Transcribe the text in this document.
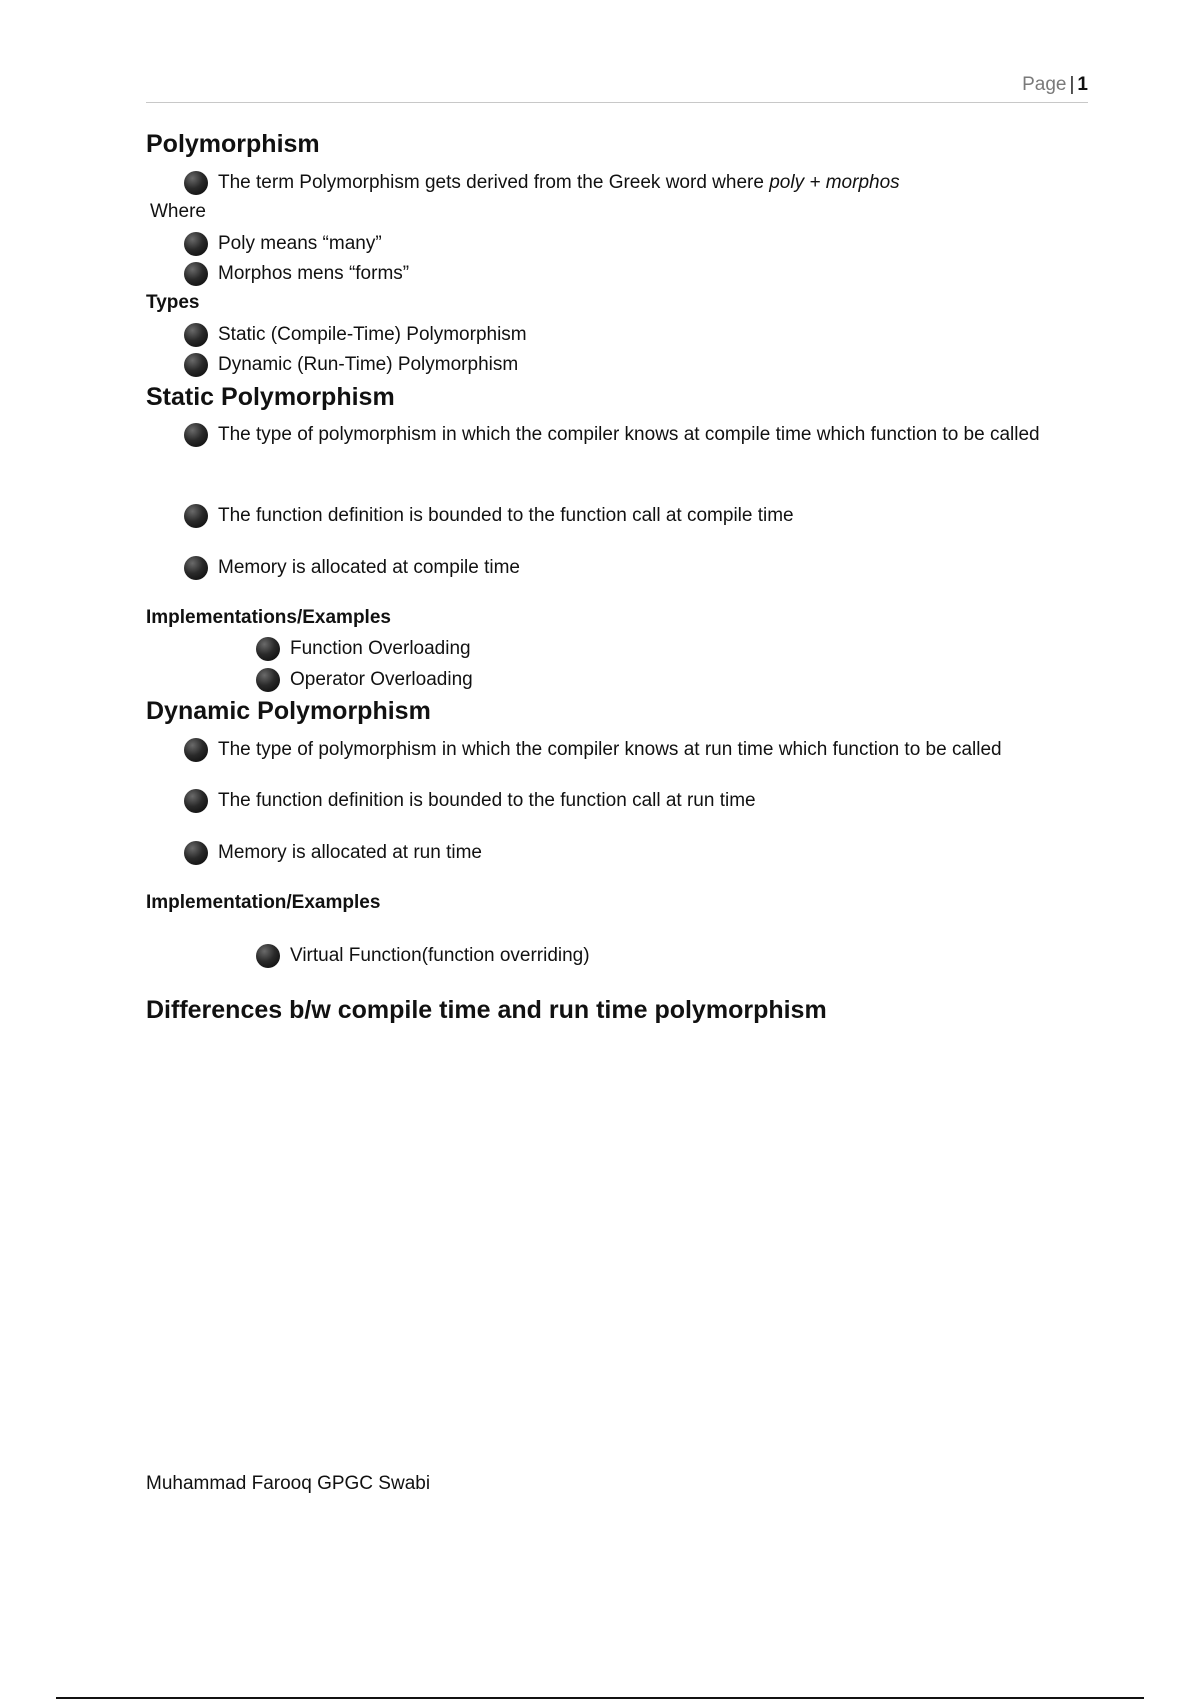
Page | 1
Polymorphism
The term Polymorphism gets derived from the Greek word where poly + morphos
Where
Poly means “many”
Morphos mens “forms”
Types
Static (Compile-Time) Polymorphism
Dynamic (Run-Time) Polymorphism
Static Polymorphism
The type of polymorphism in which the compiler knows at compile time which function to be called
The function definition is bounded to the function call at compile time
Memory is allocated at compile time
Implementations/Examples
Function Overloading
Operator Overloading
Dynamic Polymorphism
The type of polymorphism in which the compiler knows at run time which function to be called
The function definition is bounded to the function call at run time
Memory is allocated at run time
Implementation/Examples
Virtual Function(function overriding)
Differences b/w compile time and run time polymorphism
Muhammad Farooq GPGC Swabi
